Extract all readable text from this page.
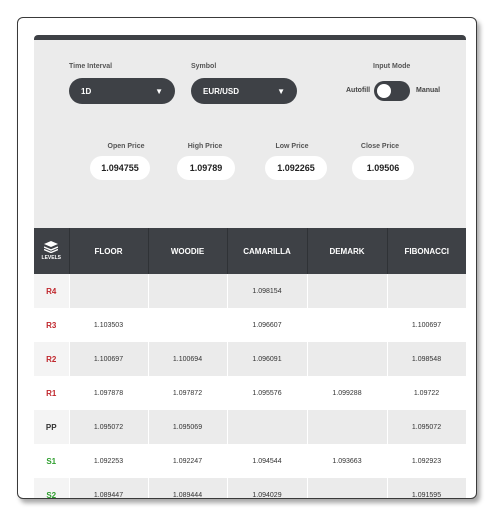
Time Interval
1D	▼
Symbol
EUR/USD	▼
Input Mode
Autofill	Manual
Open Price
1.094755
High Price
1.09789
Low Price
1.092265
Close Price
1.09506
LEVELS	FLOOR	WOODIE	CAMARILLA	DEMARK	FIBONACCI
R4			1.098154		
R3	1.103503		1.096607		1.100697
R2	1.100697	1.100694	1.096091		1.098548
R1	1.097878	1.097872	1.095576	1.099288	1.09722
PP	1.095072	1.095069			1.095072
S1	1.092253	1.092247	1.094544	1.093663	1.092923
S2	1.089447	1.089444	1.094029		1.091595
